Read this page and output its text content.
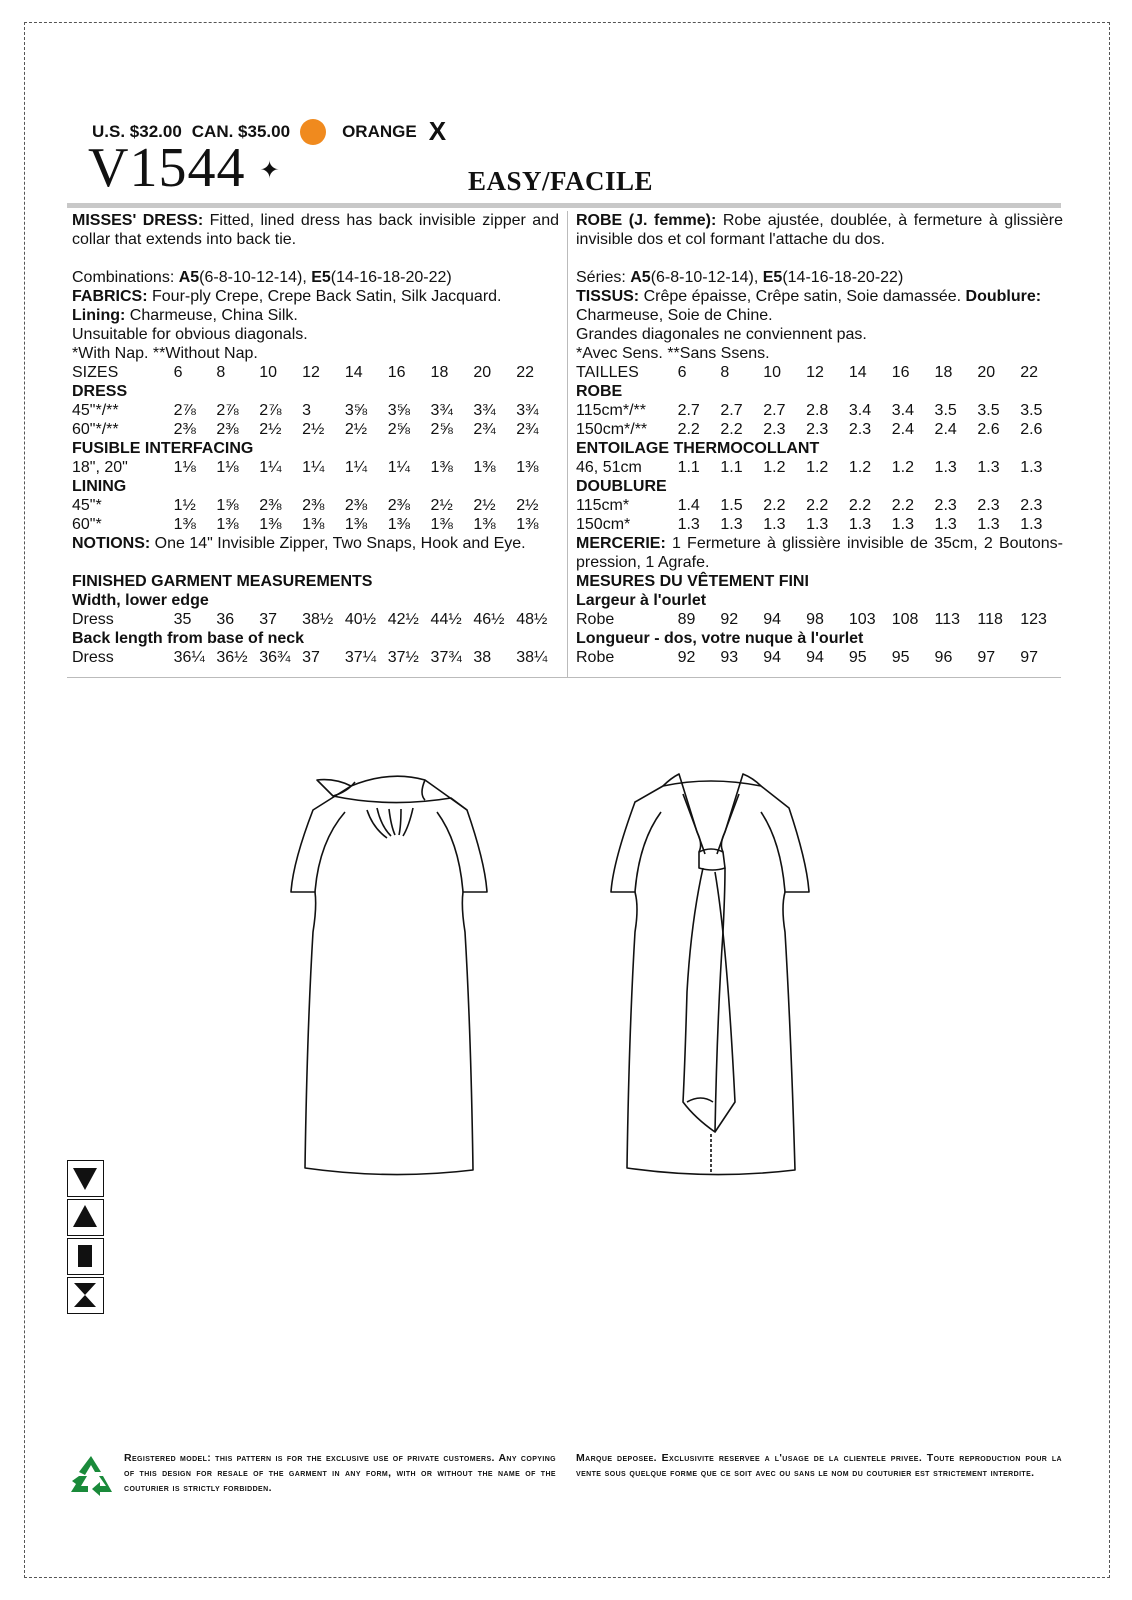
U.S. $32.00 CAN. $35.00	ORANGE X
V1544 ✦	EASY/FACILE

MISSES' DRESS: Fitted, lined dress has back invisible zipper and collar that extends into back tie.

Combinations: A5(6-8-10-12-14), E5(14-16-18-20-22)

FABRICS: Four-ply Crepe, Crepe Back Satin, Silk Jacquard.

Lining: Charmeuse, China Silk.

Unsuitable for obvious diagonals.

*With Nap. **Without Nap.

SIZES	6	8	10	12	14	16	18	20	22
DRESS
45"*/**	2⅞	2⅞	2⅞	3	3⅝	3⅝	3¾	3¾	3¾
60"*/**	2⅜	2⅜	2½	2½	2½	2⅝	2⅝	2¾	2¾
FUSIBLE INTERFACING
18", 20"	1⅛	1⅛	1¼	1¼	1¼	1¼	1⅜	1⅜	1⅜
LINING
45"*	1½	1⅝	2⅜	2⅜	2⅜	2⅜	2½	2½	2½
60"*	1⅜	1⅜	1⅜	1⅜	1⅜	1⅜	1⅜	1⅜	1⅜

NOTIONS: One 14" Invisible Zipper, Two Snaps, Hook and Eye.

FINISHED GARMENT MEASUREMENTS
Width, lower edge
Dress	35	36	37	38½ 40½ 42½ 44½ 46½ 48½
Back length from base of neck
Dress	36¼ 36½ 36¾ 37	37¼ 37½ 37¾ 38	38¼

ROBE (J. femme): Robe ajustée, doublée, à fermeture à glissière invisible dos et col formant l'attache du dos.

Séries: A5(6-8-10-12-14), E5(14-16-18-20-22)

TISSUS: Crêpe épaisse, Crêpe satin, Soie damassée. Doublure:

Charmeuse, Soie de Chine.

Grandes diagonales ne conviennent pas.

*Avec Sens. **Sans Ssens.

TAILLES	6	8	10	12	14	16	18	20	22
ROBE
115cm*/**	2.7	2.7	2.7	2.8	3.4	3.4	3.5	3.5	3.5
150cm*/**	2.2	2.2	2.3	2.3	2.3	2.4	2.4	2.6	2.6
ENTOILAGE THERMOCOLLANT
46, 51cm	1.1	1.1	1.2	1.2	1.2	1.2	1.3	1.3	1.3
DOUBLURE
115cm*	1.4	1.5	2.2	2.2	2.2	2.2	2.3	2.3	2.3
150cm*	1.3	1.3	1.3	1.3	1.3	1.3	1.3	1.3	1.3

MERCERIE: 1 Fermeture à glissière invisible de 35cm, 2 Boutons-pression, 1 Agrafe.

MESURES DU VÊTEMENT FINI
Largeur à l'ourlet
Robe	89	92	94	98	103	108	113	118	123
Longueur - dos, votre nuque à l'ourlet
Robe	92	93	94	94	95	95	96	97	97

Registered model: this pattern is for the exclusive use of private customers. Any copying of this design for resale of the garment in any form, with or without the name of the couturier is strictly forbidden.

Marque deposee. Exclusivite reservee a l'usage de la clientele privee. Toute reproduction pour la vente sous quelque forme que ce soit avec ou sans le nom du couturier est strictement interdite.
